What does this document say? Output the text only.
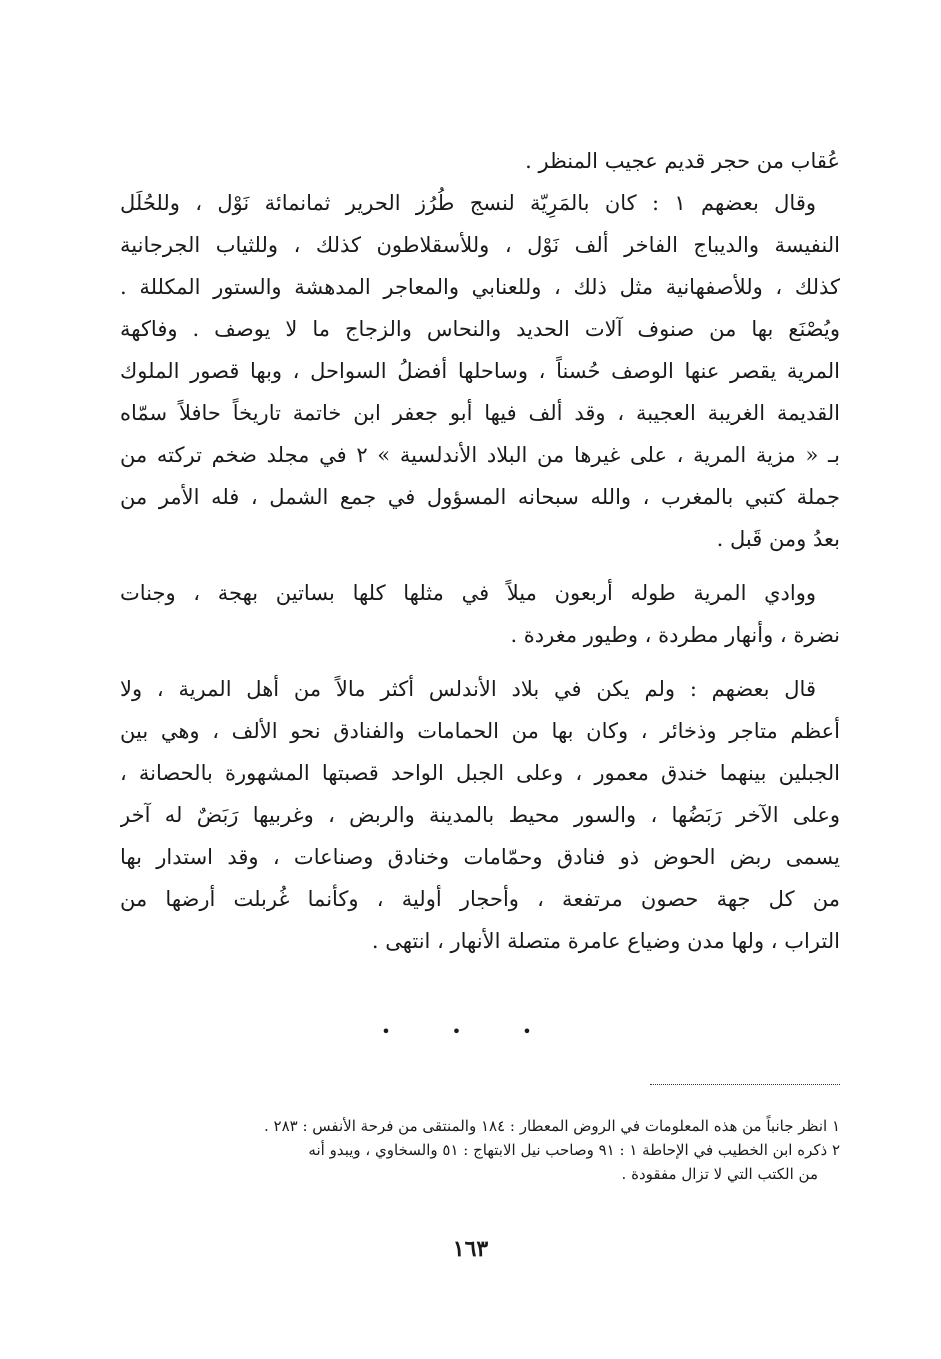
عُقاب من حجر قديم عجيب المنظر .
وقال بعضهم ١ : كان بالمَرِيّة لنسج طُرُز الحرير ثمانمائة نَوْل ، وللحُلَل
النفيسة والديباج الفاخر ألف نَوْل ، وللأسقلاطون كذلك ، وللثياب الجرجانية
كذلك ، وللأصفهانية مثل ذلك ، وللعنابي والمعاجر المدهشة والستور المكللة .
ويُصْنَع بها من صنوف آلات الحديد والنحاس والزجاج ما لا يوصف . وفاكهة
المرية يقصر عنها الوصف حُسناً ، وساحلها أفضلُ السواحل ، وبها قصور الملوك
القديمة الغريبة العجيبة ، وقد ألف فيها أبو جعفر ابن خاتمة تاريخاً حافلاً سمّاه
بـ « مزية المرية ، على غيرها من البلاد الأندلسية » ٢ في مجلد ضخم تركته من
جملة كتبي بالمغرب ، والله سبحانه المسؤول في جمع الشمل ، فله الأمر من
بعدُ ومن قَبل .
ووادي المرية طوله أربعون ميلاً في مثلها كلها بساتين بهجة ، وجنات
نضرة ، وأنهار مطردة ، وطيور مغردة .
قال بعضهم : ولم يكن في بلاد الأندلس أكثر مالاً من أهل المرية ، ولا
أعظم متاجر وذخائر ، وكان بها من الحمامات والفنادق نحو الألف ، وهي بين
الجبلين بينهما خندق معمور ، وعلى الجبل الواحد قصبتها المشهورة بالحصانة ،
وعلى الآخر رَبَضُها ، والسور محيط بالمدينة والربض ، وغربيها رَبَضٌ له آخر
يسمى ربض الحوض ذو فنادق وحمّامات وخنادق وصناعات ، وقد استدار بها
من كل جهة حصون مرتفعة ، وأحجار أولية ، وكأنما غُربلت أرضها من
التراب ، ولها مدن وضياع عامرة متصلة الأنهار ، انتهى .
• • •
١ انظر جانباً من هذه المعلومات في الروض المعطار : ١٨٤ والمنتقى من فرحة الأنفس : ٢٨٣ .
٢ ذكره ابن الخطيب في الإحاطة ١ : ٩١ وصاحب نيل الابتهاج : ٥١ والسخاوي ، ويبدو أنه
من الكتب التي لا تزال مفقودة .
١٦٣
